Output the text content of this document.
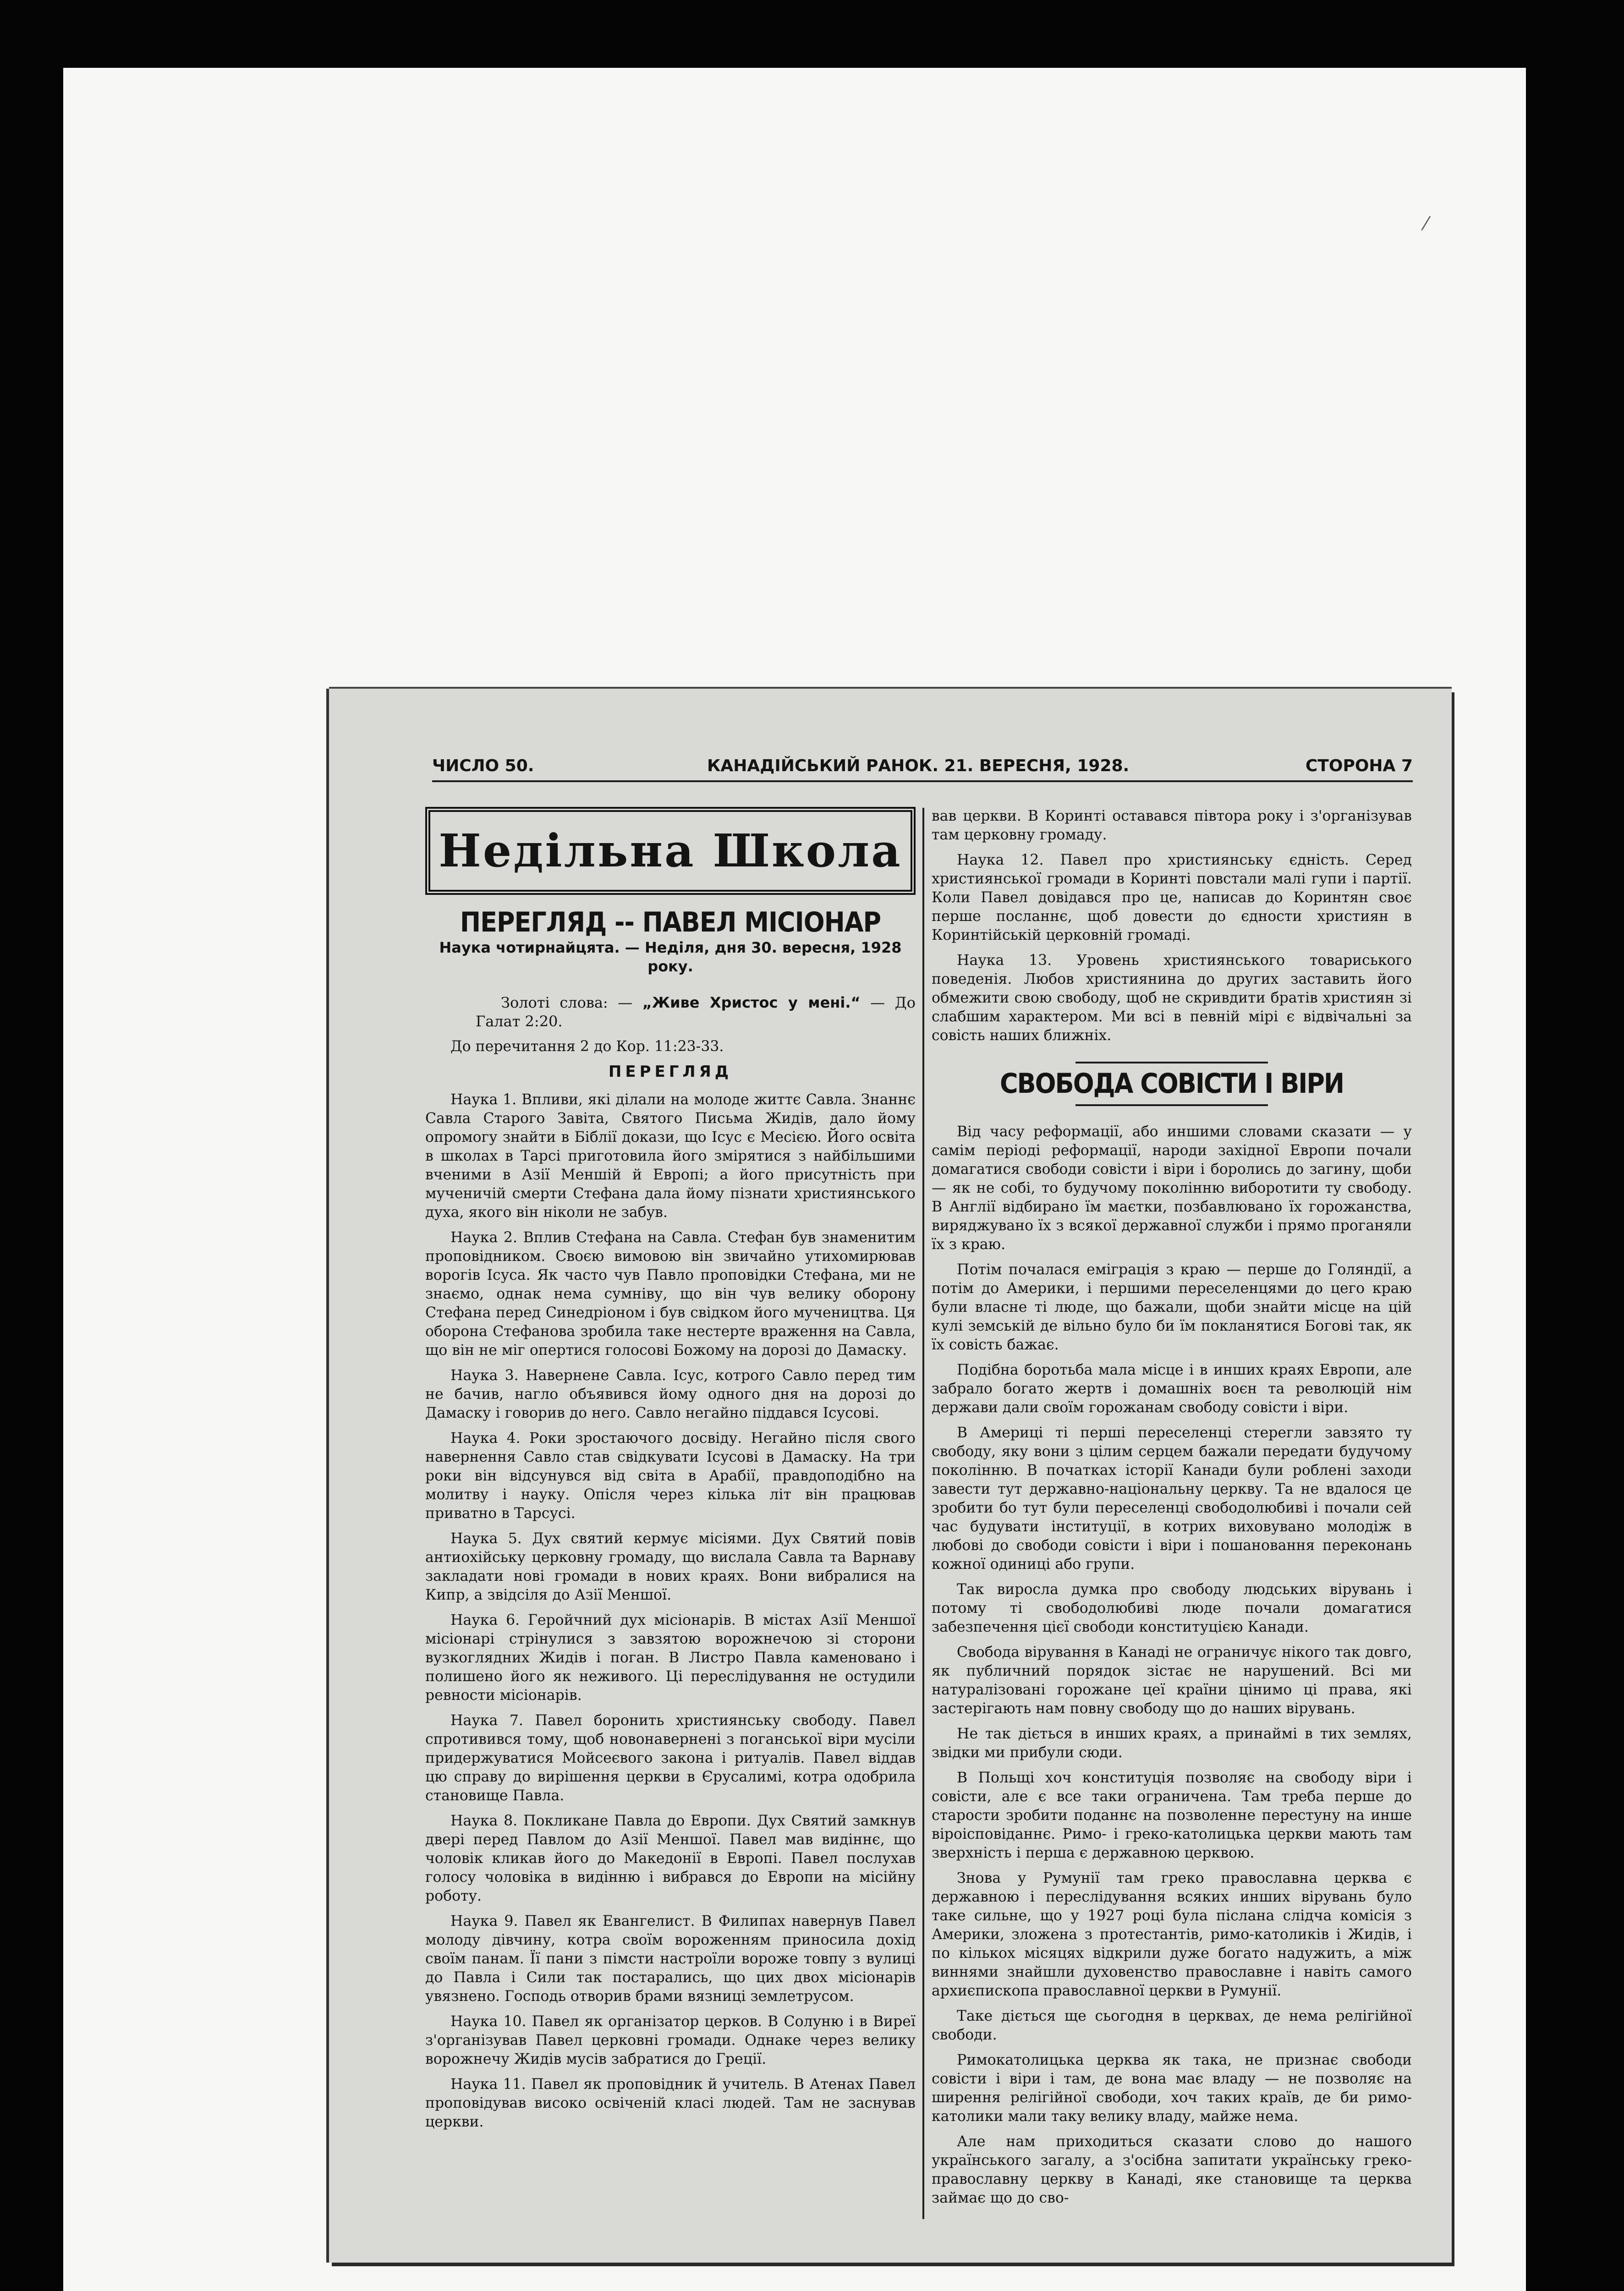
⁄
ЧИСЛО 50.	КАНАДІЙСЬКИЙ РАНОК. 21. ВЕРЕСНЯ, 1928.	СТОРОНА 7
Недільна Школа
ПЕРЕГЛЯД -- ПАВЕЛ МІСІОНАР
Наука чотирнайцята. — Неділя, дня 30. вересня, 1928 року.

Золоті слова: — „Живе Христос у мені.“ — До Галат 2:20.

До перечитання 2 до Кор. 11:23-33.

ПЕРЕГЛЯД

Наука 1. Впливи, які ділали на молоде життє Савла. Знаннє Савла Старого Завіта, Святого Письма Жидів, дало йому опромогу знайти в Біблії докази, що Ісус є Месією. Його освіта в школах в Тарсі приготовила його змірятися з найбільшими вченими в Азії Меншій й Европі; а його присутність при мученичій смерти Стефана дала йому пізнати християнського духа, якого він ніколи не забув.

Наука 2. Вплив Стефана на Савла. Стефан був знаменитим проповідником. Своєю вимовою він звичайно утихомирював ворогів Ісуса. Як часто чув Павло проповідки Стефана, ми не знаємо, однак нема сумніву, що він чув велику оборону Стефана перед Синедріоном і був свідком його мучеництва. Ця оборона Стефанова зробила таке нестерте враження на Савла, що він не міг опертися голосові Божому на дорозі до Дамаску.

Наука 3. Навернене Савла. Ісус, котрого Савло перед тим не бачив, нагло объявився йому одного дня на дорозі до Дамаску і говорив до него. Савло негайно піддався Ісусові.

Наука 4. Роки зростаючого досвіду. Негайно після свого навернення Савло став свідкувати Ісусові в Дамаску. На три роки він відсунувся від світа в Арабії, правдоподібно на молитву і науку. Опісля через кілька літ він працював приватно в Тарсусі.

Наука 5. Дух святий кермує місіями. Дух Святий повів антиохійську церковну громаду, що вислала Савла та Варнаву закладати нові громади в нових краях. Вони вибралися на Кипр, а звідсіля до Азії Меншої.

Наука 6. Геройчний дух місіонарів. В містах Азії Меншої місіонарі стрінулися з завзятою ворожнечою зі сторони вузкоглядних Жидів і поган. В Листро Павла каменовано і полишено його як неживого. Ці переслідування не остудили ревности місіонарів.

Наука 7. Павел боронить християнську свободу. Павел спротивився тому, щоб новонавернені з поганської віри мусіли придержуватися Мойсеєвого закона і ритуалів. Павел віддав цю справу до вирішення церкви в Єрусалимі, котра одобрила становище Павла.

Наука 8. Покликане Павла до Европи. Дух Святий замкнув двері перед Павлом до Азії Меншої. Павел мав видіннє, що чоловік кликав його до Македонії в Европі. Павел послухав голосу чоловіка в видінню і вибрався до Европи на місійну роботу.

Наука 9. Павел як Евангелист. В Филипах навернув Павел молоду дівчину, котра своїм вороженням приносила дохід своїм панам. Її пани з пімсти настроїли вороже товпу з вулиці до Павла і Сили так постарались, що цих двох місіонарів увязнено. Господь отворив брами вязниці землетрусом.

Наука 10. Павел як організатор церков. В Солуню і в Виреї з'організував Павел церковні громади. Однаке через велику ворожнечу Жидів мусів забратися до Греції.

Наука 11. Павел як проповідник й учитель. В Атенах Павел проповідував високо освіченій класі людей. Там не заснував церкви.

вав церкви. В Коринті оставався півтора року і з'організував там церковну громаду.

Наука 12. Павел про християнську єдність. Серед християнської громади в Коринті повстали малі гупи і партії. Коли Павел довідався про це, написав до Коринтян своє перше посланнє, щоб довести до єдности християн в Коринтійській церковній громаді.

Наука 13. Уровень християнського товариського поведенія. Любов християнина до других заставить його обмежити свою свободу, щоб не скривдити братів християн зі слабшим характером. Ми всі в певній мірі є відвічальні за совість наших ближніх.

СВОБОДА СОВІСТИ І ВІРИ

Від часу реформації, або иншими словами сказати — у самім періоді реформації, народи західної Европи почали домагатися свободи совісти і віри і боролись до загину, щоби — як не собі, то будучому поколінню виборотити ту свободу. В Англії відбирано їм маєтки, позбавлювано їх горожанства, виряджувано їх з всякої державної служби і прямо проганяли їх з краю.

Потім почалася еміграція з краю — перше до Голяндії, а потім до Америки, і першими переселенцями до цего краю були власне ті люде, що бажали, щоби знайти місце на цій кулі земській де вільно було би їм покланятися Богові так, як їх совість бажає.

Подібна боротьба мала місце і в инших краях Европи, але забрало богато жертв і домашніх воєн та революцій нім держави дали своїм горожанам свободу совісти і віри.

В Америці ті перші переселенці стерегли завзято ту свободу, яку вони з цілим серцем бажали передати будучому поколінню. В початках історії Канади були роблені заходи завести тут державно-національну церкву. Та не вдалося це зробити бо тут були переселенці свободолюбиві і почали сей час будувати інституції, в котрих виховувано молодіж в любові до свободи совісти і віри і пошановання переконань кожної одиниці або групи.

Так виросла думка про свободу людських вірувань і потому ті свободолюбиві люде почали домагатися забезпечення цієї свободи конституцією Канади.

Свобода вірування в Канаді не ограничує нікого так довго, як публичний порядок зістає не нарушений. Всі ми натуралізовані горожане цеї країни цінимо ці права, які застерігають нам повну свободу що до наших вірувань.

Не так діється в инших краях, а принаймі в тих землях, звідки ми прибули сюди.

В Польщі хоч конституція позволяє на свободу віри і совісти, але є все таки ограничена. Там треба перше до старости зробити поданнє на позволенне перестуну на инше віроісповіданнє. Римо- і греко-католицька церкви мають там зверхність і перша є державною церквою.

Знова у Румунії там греко православна церква є державною і переслідування всяких инших вірувань було таке сильне, що у 1927 році була післана слідча комісія з Америки, зложена з протестантів, римо-католиків і Жидів, і по кількох місяцях відкрили дуже богато надужить, а між виннями знайшли духовенство православне і навіть самого архиєпископа православної церкви в Румунії.

Таке діється ще сьогодня в церквах, де нема релігійної свободи.

Римокатолицька церква як така, не признає свободи совісти і віри і там, де вона має владу — не позволяє на ширення релігійної свободи, хоч таких країв, де би римо-католики мали таку велику владу, майже нема.

Але нам приходиться сказати слово до нашого українського загалу, а з'осібна запитати українську греко-православну церкву в Канаді, яке становище та церква займає що до сво-
